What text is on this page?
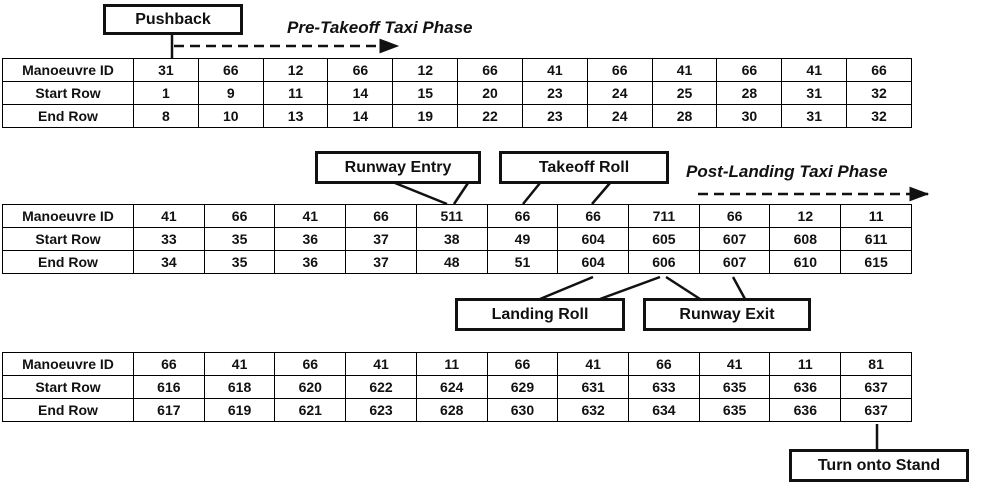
Pushback	Pre-Takeoff Taxi Phase
Runway Entry	Takeoff Roll	Post-Landing Taxi Phase
Landing Roll	Runway Exit
Turn onto Stand
Manoeuvre ID	31	66	12	66	12	66	41	66	41	66	41	66
Start Row	1	9	11	14	15	20	23	24	25	28	31	32
End Row	8	10	13	14	19	22	23	24	28	30	31	32
Manoeuvre ID	41	66	41	66	511	66	66	711	66	12	11
Start Row	33	35	36	37	38	49	604	605	607	608	611
End Row	34	35	36	37	48	51	604	606	607	610	615
Manoeuvre ID	66	41	66	41	11	66	41	66	41	11	81
Start Row	616	618	620	622	624	629	631	633	635	636	637
End Row	617	619	621	623	628	630	632	634	635	636	637
